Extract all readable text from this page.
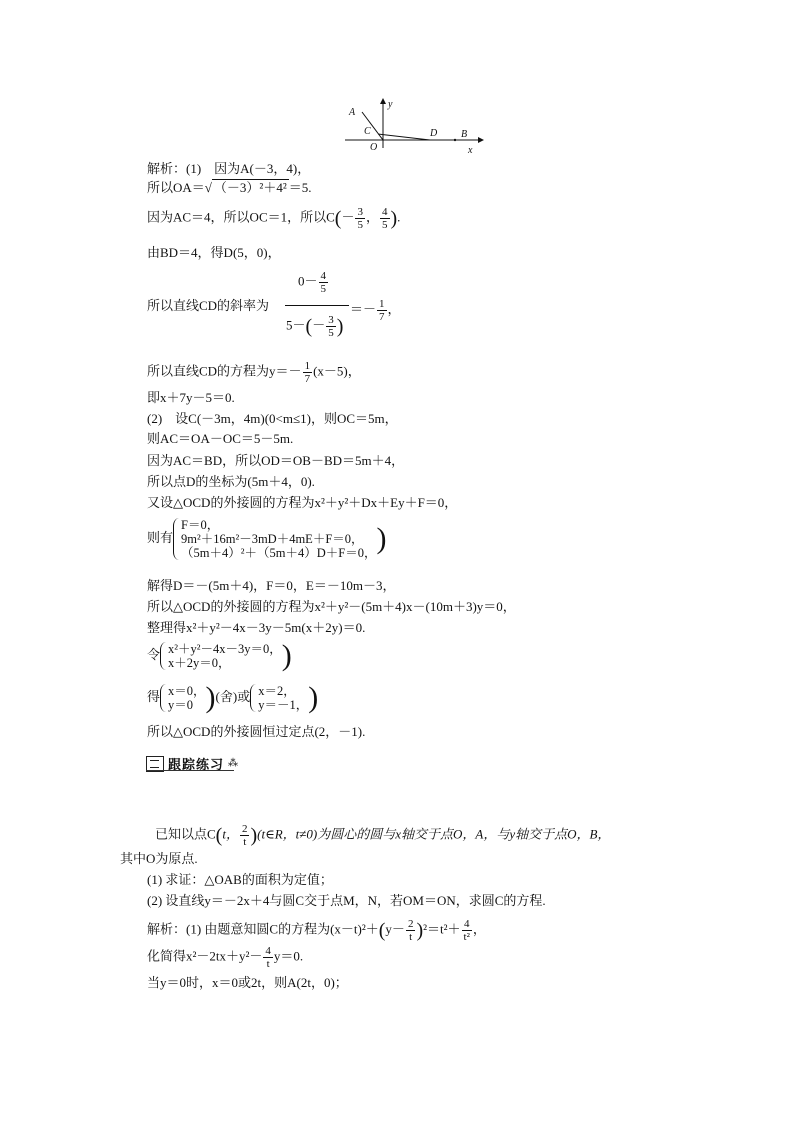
A
y
C	D B
O	x
解析：(1)　因为A(－3，4)，
所以OA＝√ （－3）²＋4² ＝5.
因为AC＝4，所以OC＝1，所以$C(- \frac{3}{5}$ ， $\frac{4}{5}$ ).
由BD＝4，得D(5，0)，
所以直线CD的斜率为
$0- \frac{4}{5}$
$5-(- \frac{3}{5}$ )
＝－ $\frac{1}{7}$ ，
所以直线CD的方程为$y=- \frac{1}{7} (x-5)$，
即x＋7y－5＝0.
(2)　设C(－3m，4m)(0<m≤1)，则OC＝5m，
则AC＝OA－OC＝5－5m.
因为AC＝BD，所以OD＝OB－BD＝5m＋4，
所以点D的坐标为(5m＋4，0).
又设△OCD的外接圆的方程为x²＋y²＋Dx＋Ey＋F＝0，
则有
F＝0，
9m²＋16m²－3mD＋4mE＋F＝0，
（5m＋4）²＋（5m＋4）D＋F＝0， )
解得D＝－(5m＋4)，F＝0，E＝－10m－3，
所以△OCD的外接圆的方程为x²＋y²－(5m＋4)x－(10m＋3)y＝0，
整理得x²＋y²－4x－3y－5m(x＋2y)＝0.
令 x²＋y²－4x－3y＝0，
x＋2y＝0，	)
得 x＝0，
y＝0 )(舍)或 x＝2，
y＝－1， )
所以△OCD的外接圆恒过定点(2，－1).
跟踪练习 ⁂
已知以点C(t， $\frac{2}{t}$ )(t∈R，t≠0)为圆心的圆与x轴交于点O，A，与y轴交于点O，B，
其中O为原点.
(1) 求证：△OAB的面积为定值；
(2) 设直线y＝－2x＋4与圆C交于点M，N，若OM＝ON，求圆C的方程.
解析：(1) 由题意知圆C的方程为$(x-t)^2+(y- \frac{2}{t} )^2=t^2+ \frac{4}{\text{t²}}$ ，
化简得$x^2-2tx+y^2- \frac{4}{t} y=0$.
当y＝0时，x＝0或2t，则A(2t，0)；
